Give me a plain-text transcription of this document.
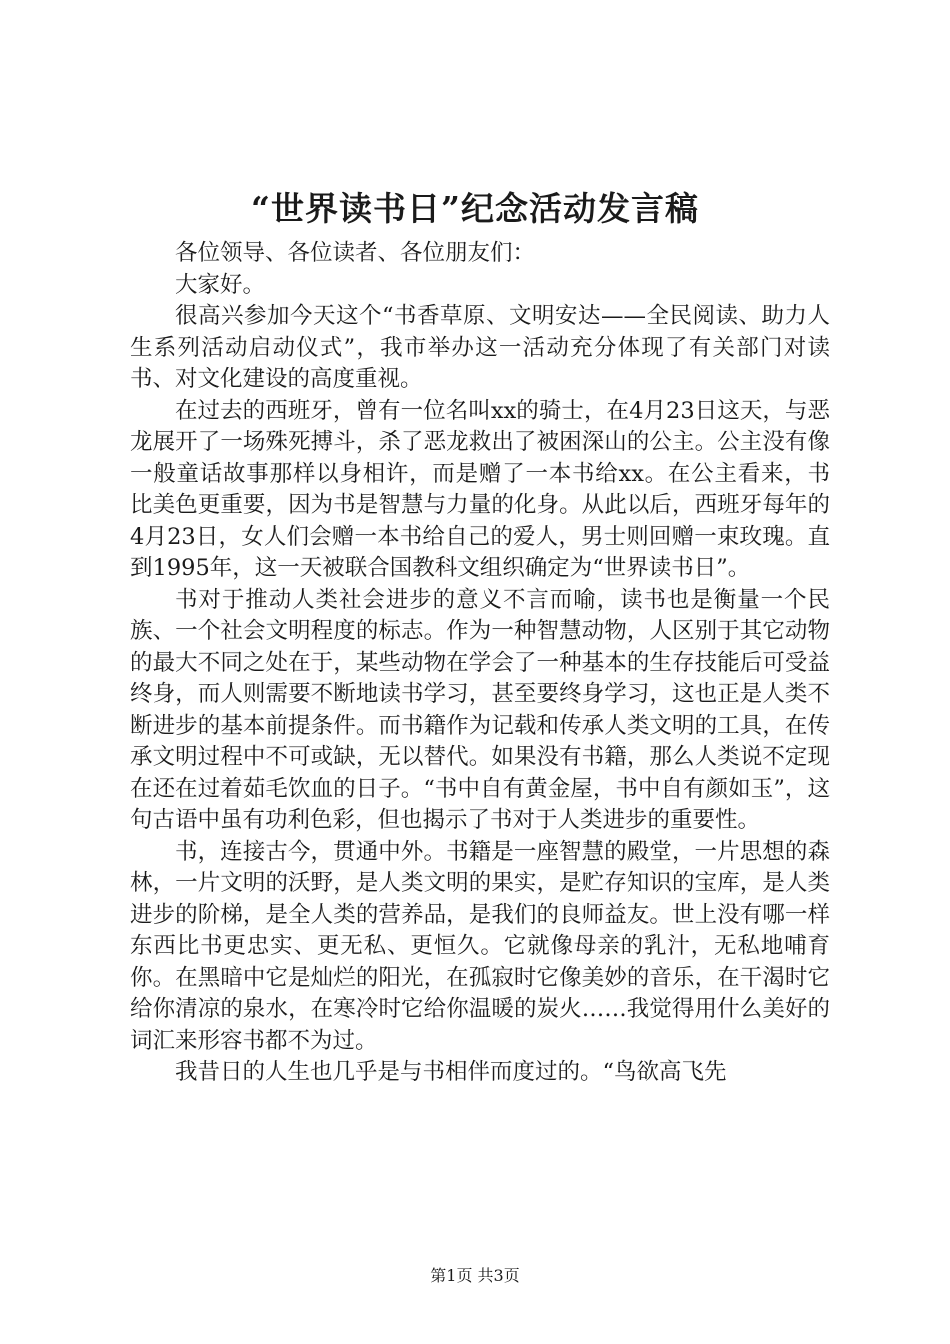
“世界读书日”纪念活动发言稿

各位领导、各位读者、各位朋友们：

大家好。

很高兴参加今天这个“书香草原、文明安达——全民阅读、助力人生系列活动启动仪式”，我市举办这一活动充分体现了有关部门对读书、对文化建设的高度重视。

在过去的西班牙，曾有一位名叫xx的骑士，在4月23日这天，与恶龙展开了一场殊死搏斗，杀了恶龙救出了被困深山的公主。公主没有像一般童话故事那样以身相许，而是赠了一本书给xx。在公主看来，书比美色更重要，因为书是智慧与力量的化身。从此以后，西班牙每年的4月23日，女人们会赠一本书给自己的爱人，男士则回赠一束玫瑰。直到1995年，这一天被联合国教科文组织确定为“世界读书日”。

书对于推动人类社会进步的意义不言而喻，读书也是衡量一个民族、一个社会文明程度的标志。作为一种智慧动物，人区别于其它动物的最大不同之处在于，某些动物在学会了一种基本的生存技能后可受益终身，而人则需要不断地读书学习，甚至要终身学习，这也正是人类不断进步的基本前提条件。而书籍作为记载和传承人类文明的工具，在传承文明过程中不可或缺，无以替代。如果没有书籍，那么人类说不定现在还在过着茹毛饮血的日子。“书中自有黄金屋，书中自有颜如玉”，这句古语中虽有功利色彩，但也揭示了书对于人类进步的重要性。

书，连接古今，贯通中外。书籍是一座智慧的殿堂，一片思想的森林，一片文明的沃野，是人类文明的果实，是贮存知识的宝库，是人类进步的阶梯，是全人类的营养品，是我们的良师益友。世上没有哪一样东西比书更忠实、更无私、更恒久。它就像母亲的乳汁，无私地哺育你。在黑暗中它是灿烂的阳光，在孤寂时它像美妙的音乐，在干渴时它给你清凉的泉水，在寒冷时它给你温暖的炭火……我觉得用什么美好的词汇来形容书都不为过。

我昔日的人生也几乎是与书相伴而度过的。“鸟欲高飞先

第1页 共3页
